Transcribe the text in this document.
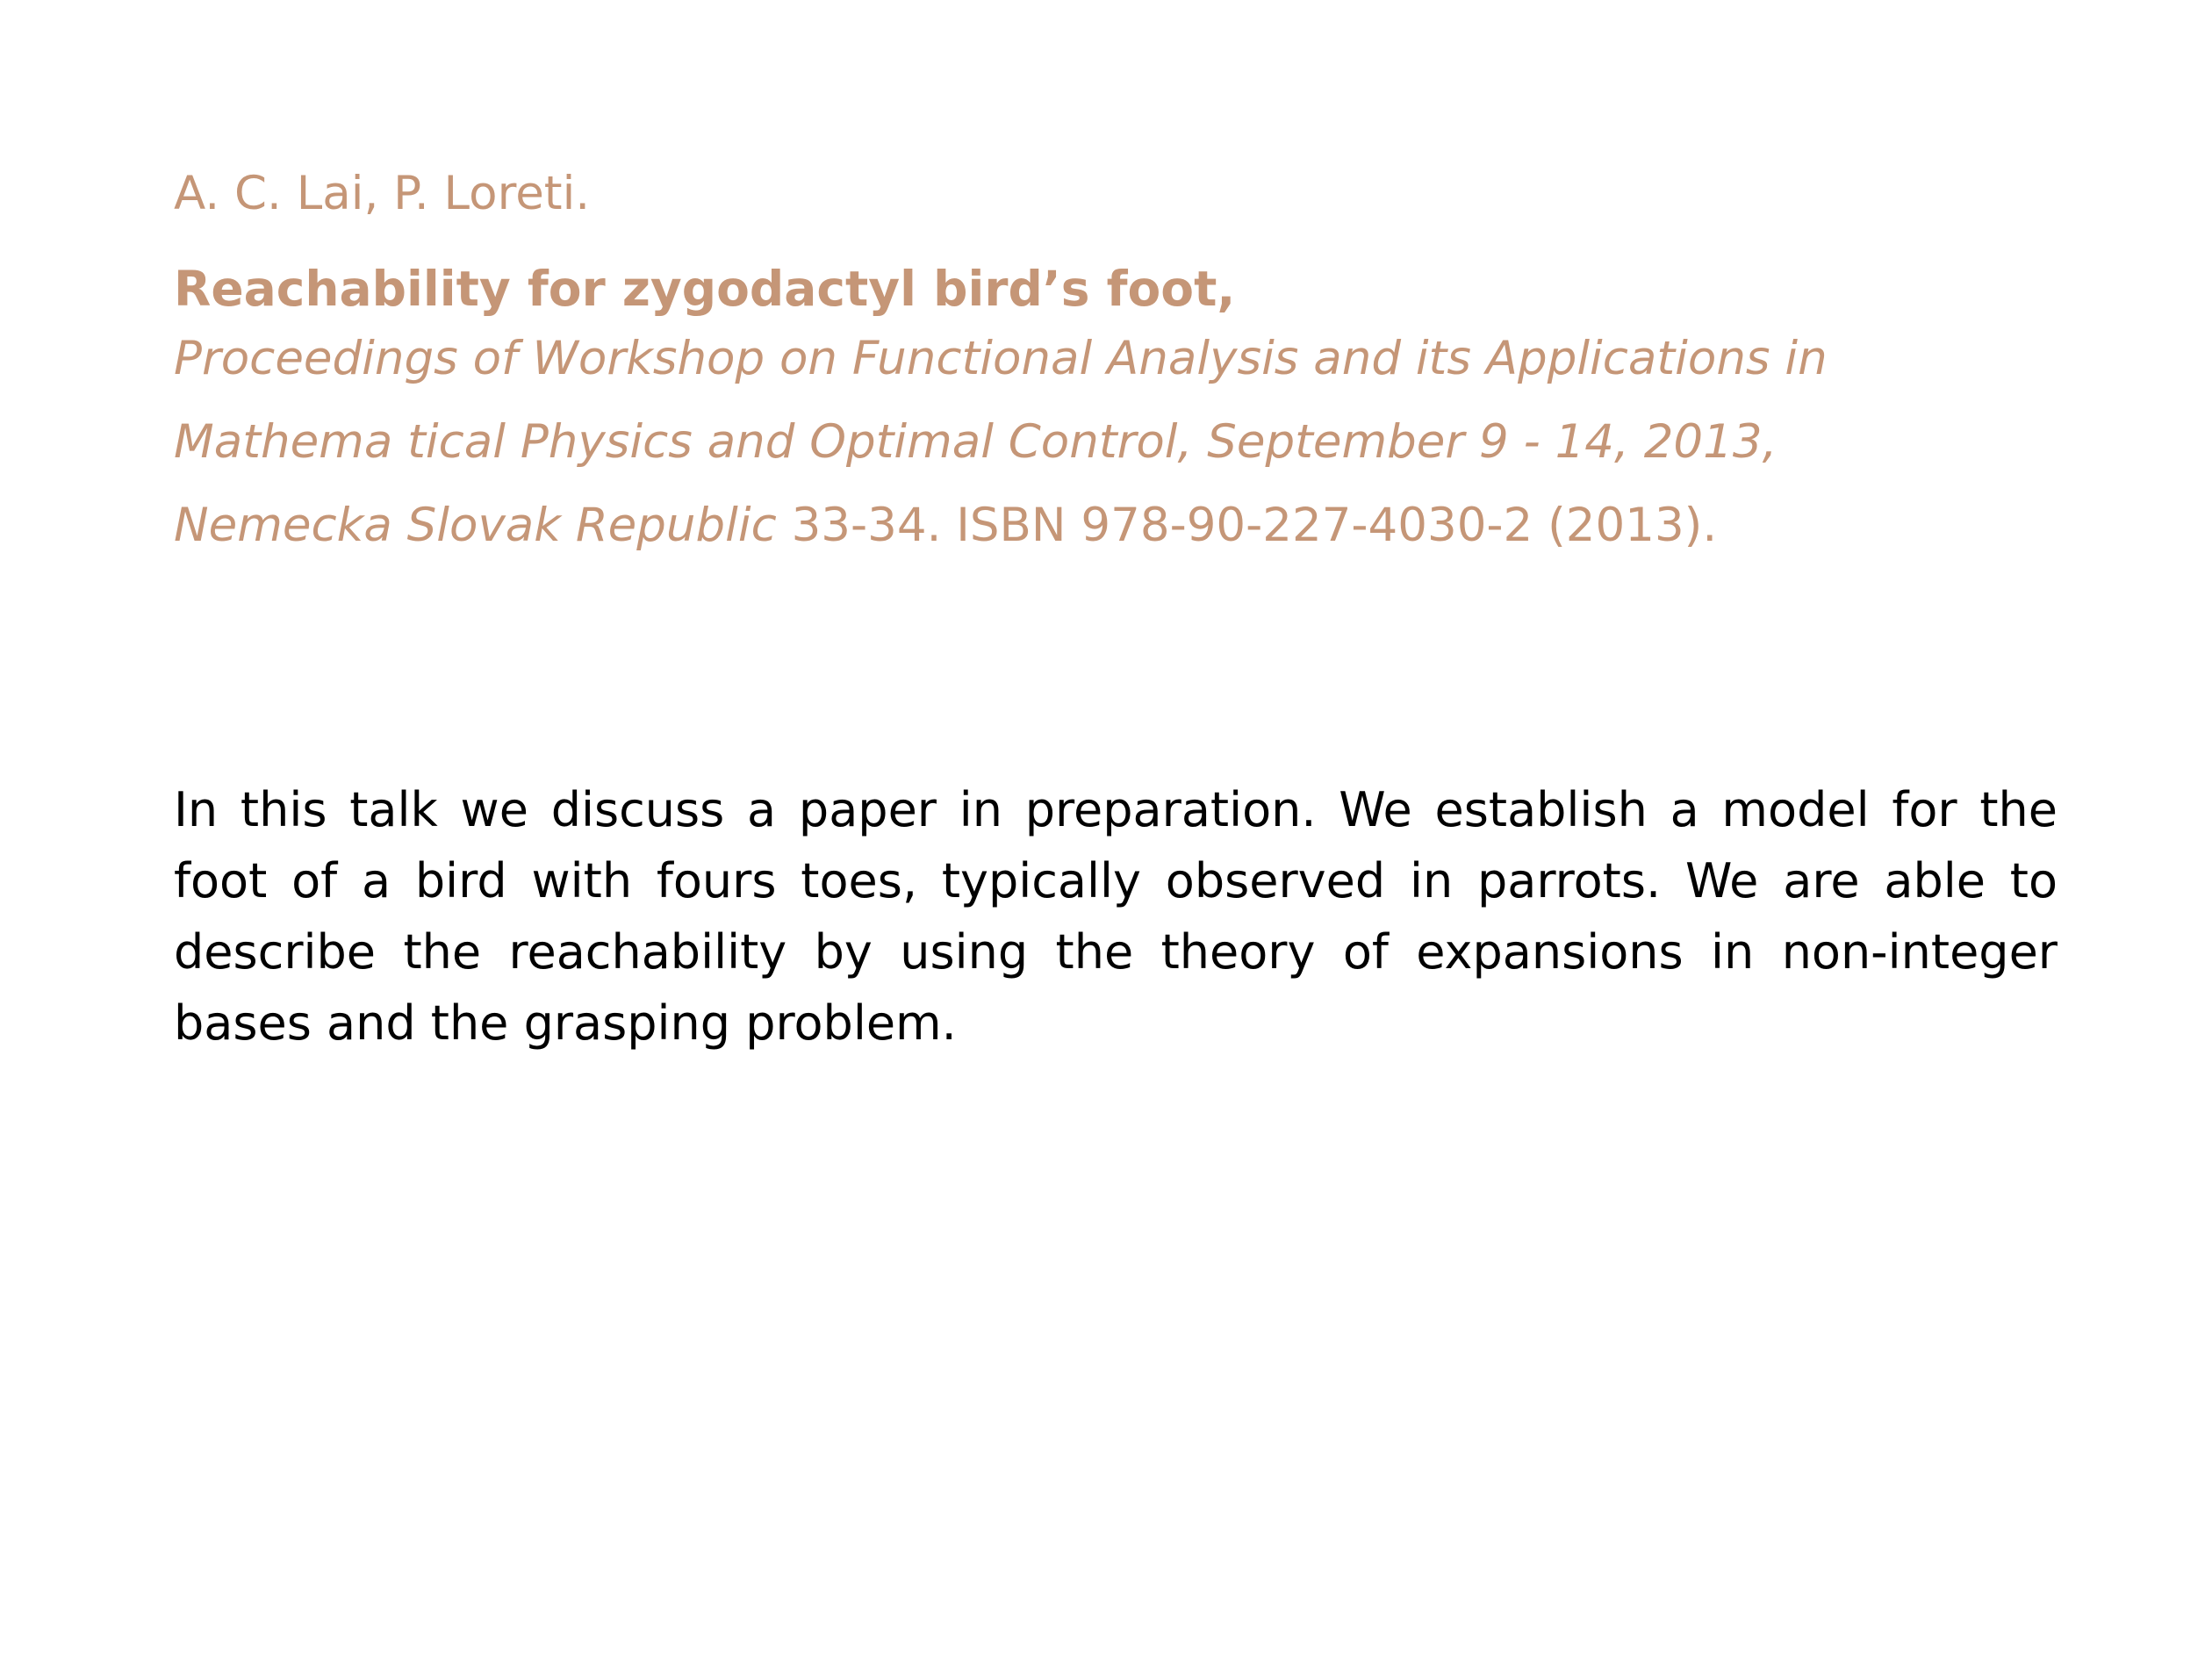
A. C. Lai, P. Loreti.

Reachability for zygodactyl bird’s foot,

Proceedings of Workshop on Functional Analysis and its Applications in

Mathema tical Physics and Optimal Control, September 9 - 14, 2013,

Nemecka Slovak Republic 33-34. ISBN 978-90-227-4030-2 (2013).

In this talk we discuss a paper in preparation. We establish a model for the foot of a bird with fours toes, typically observed in parrots. We are able to describe the reachability by using the theory of expansions in non-integer bases and the grasping problem.
